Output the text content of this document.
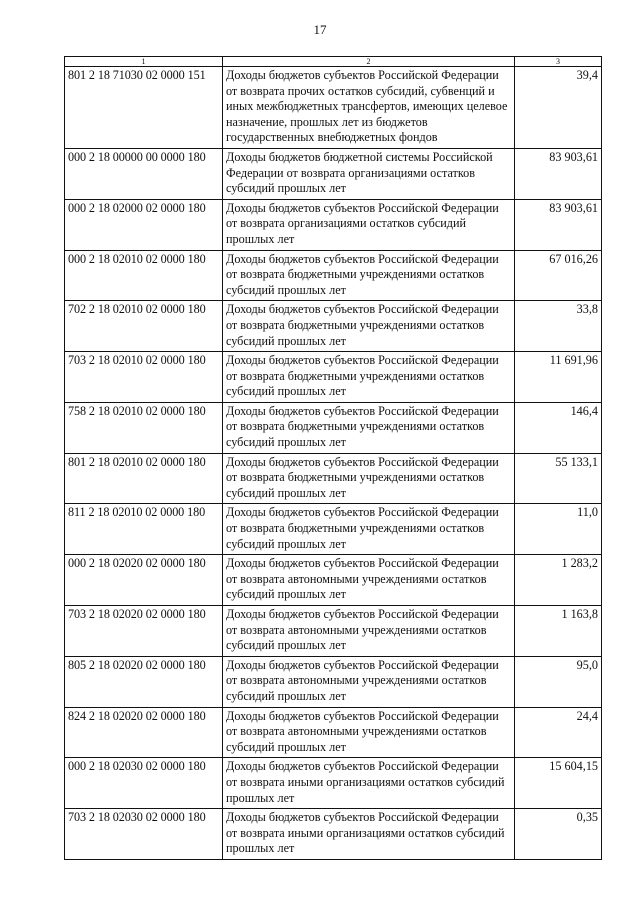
17
1	2	3
801 2 18 71030 02 0000 151	Доходы бюджетов субъектов Российской Федерации от возврата прочих остатков субсидий, субвенций и иных межбюджетных трансфертов, имеющих целевое назначение, прошлых лет из бюджетов государственных внебюджетных фондов	39,4
000 2 18 00000 00 0000 180	Доходы бюджетов бюджетной системы Российской Федерации от возврата организациями остатков субсидий прошлых лет	83 903,61
000 2 18 02000 02 0000 180	Доходы бюджетов субъектов Российской Федерации от возврата организациями остатков субсидий прошлых лет	83 903,61
000 2 18 02010 02 0000 180	Доходы бюджетов субъектов Российской Федерации от возврата бюджетными учреждениями остатков субсидий прошлых лет	67 016,26
702 2 18 02010 02 0000 180	Доходы бюджетов субъектов Российской Федерации от возврата бюджетными учреждениями остатков субсидий прошлых лет	33,8
703 2 18 02010 02 0000 180	Доходы бюджетов субъектов Российской Федерации от возврата бюджетными учреждениями остатков субсидий прошлых лет	11 691,96
758 2 18 02010 02 0000 180	Доходы бюджетов субъектов Российской Федерации от возврата бюджетными учреждениями остатков субсидий прошлых лет	146,4
801 2 18 02010 02 0000 180	Доходы бюджетов субъектов Российской Федерации от возврата бюджетными учреждениями остатков субсидий прошлых лет	55 133,1
811 2 18 02010 02 0000 180	Доходы бюджетов субъектов Российской Федерации от возврата бюджетными учреждениями остатков субсидий прошлых лет	11,0
000 2 18 02020 02 0000 180	Доходы бюджетов субъектов Российской Федерации от возврата автономными учреждениями остатков субсидий прошлых лет	1 283,2
703 2 18 02020 02 0000 180	Доходы бюджетов субъектов Российской Федерации от возврата автономными учреждениями остатков субсидий прошлых лет	1 163,8
805 2 18 02020 02 0000 180	Доходы бюджетов субъектов Российской Федерации от возврата автономными учреждениями остатков субсидий прошлых лет	95,0
824 2 18 02020 02 0000 180	Доходы бюджетов субъектов Российской Федерации от возврата автономными учреждениями остатков субсидий прошлых лет	24,4
000 2 18 02030 02 0000 180	Доходы бюджетов субъектов Российской Федерации от возврата иными организациями остатков субсидий прошлых лет	15 604,15
703 2 18 02030 02 0000 180	Доходы бюджетов субъектов Российской Федерации от возврата иными организациями остатков субсидий прошлых лет	0,35
